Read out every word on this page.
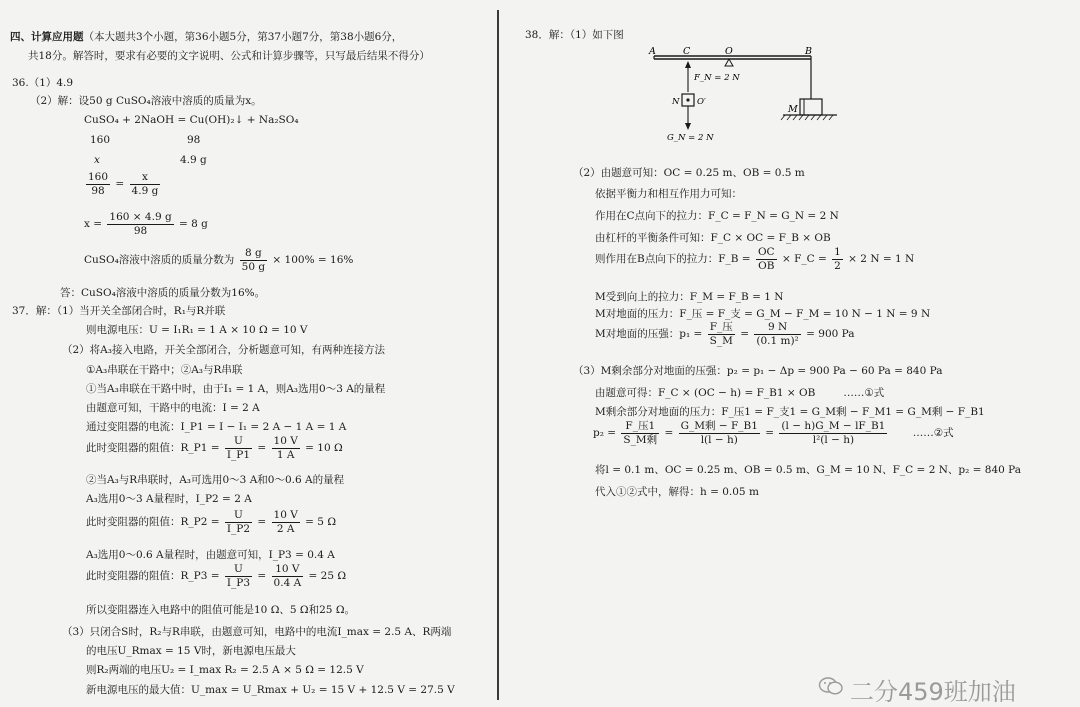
四、计算应用题（本大题共3个小题，第36小题5分，第37小题7分，第38小题6分，
共18分。解答时，要求有必要的文字说明、公式和计算步骤等，只写最后结果不得分）
36.（1）4.9
（2）解：设50 g CuSO₄溶液中溶质的质量为x。
CuSO₄ + 2NaOH = Cu(OH)₂↓ + Na₂SO₄
160	98
x	4.9 g
$\frac{160}{98} = \frac{x}{4.9 g}$
$x = \frac{160 \times 4.9 g}{98} = 8$ g
CuSO₄溶液中溶质的质量分数为 $\frac{8 g}{50 g} \times 100\% = 16\%$
答：CuSO₄溶液中溶质的质量分数为16%。
37．解：（1）当开关全部闭合时，R₁与R并联
则电源电压：U = I₁R₁ = 1 A × 10 Ω = 10 V
（2）将A₃接入电路，开关全部闭合，分析题意可知，有两种连接方法
①A₃串联在干路中；②A₃与R串联
①当A₃串联在干路中时，由于I₁ = 1 A，则A₃选用0～3 A的量程
由题意可知，干路中的电流：I = 2 A
通过变阻器的电流：I_P1 = I − I₁ = 2 A − 1 A = 1 A
此时变阻器的阻值：R_P1 = $\frac{U}{I\_P1} = \frac{10 V}{1 A} = 10$ Ω
②当A₃与R串联时，A₃可选用0～3 A和0～0.6 A的量程
A₃选用0～3 A量程时，I_P2 = 2 A
此时变阻器的阻值：R_P2 = $\frac{U}{I\_P2} = \frac{10 V}{2 A} = 5$ Ω
A₃选用0～0.6 A量程时，由题意可知，I_P3 = 0.4 A
此时变阻器的阻值：R_P3 = $\frac{U}{I\_P3} = \frac{10 V}{0.4 A} = 25$ Ω
所以变阻器连入电路中的阻值可能是10 Ω、5 Ω和25 Ω。
（3）只闭合S时，R₂与R串联，由题意可知，电路中的电流I_max = 2.5 A、R两端
的电压U_Rmax = 15 V时，新电源电压最大
则R₂两端的电压U₂ = I_max R₂ = 2.5 A × 5 Ω = 12.5 V
新电源电压的最大值：U_max = U_Rmax + U₂ = 15 V + 12.5 V = 27.5 V
38．解：（1）如下图
A	C	O	B
F_N = 2 N
N O′
G_N = 2 N
M
（2）由题意可知：OC = 0.25 m、OB = 0.5 m
依据平衡力和相互作用力可知：
作用在C点向下的拉力：F_C = F_N = G_N = 2 N
由杠杆的平衡条件可知：F_C × OC = F_B × OB
则作用在B点向下的拉力：F_B = $\frac{OC}{OB}$ × F_C = $\frac{1}{2} \times 2$ N = 1 N
M受到向上的拉力：F_M = F_B = 1 N
M对地面的压力：F_压 = F_支 = G_M − F_M = 10 N − 1 N = 9 N
M对地面的压强：$p_1 = \frac{\text{F\_压}}{S\_M} = \frac{9 N}{\text{(0.1 m)²}} = 900$ Pa
（3）M剩余部分对地面的压强：p₂ = p₁ − Δp = 900 Pa − 60 Pa = 840 Pa
由题意可得：F_C × (OC − h) = F_B1 × OB	……①式
M剩余部分对地面的压力：F_压1 = F_支1 = G_M剩 − F_M1 = G_M剩 − F_B1
$p_2 = \frac{\text{F\_压1}}{\text{S\_M剩}} = \frac{\text{G\_M剩 − F\_B1}}{l(l - h)} = \frac{(l - h)G\_M - lF\_B1}{\text{l²(l − h)}}$ ……②式
将l = 0.1 m、OC = 0.25 m、OB = 0.5 m、G_M = 10 N、F_C = 2 N、p₂ = 840 Pa
代入①②式中，解得：h = 0.05 m
二分459班加油
